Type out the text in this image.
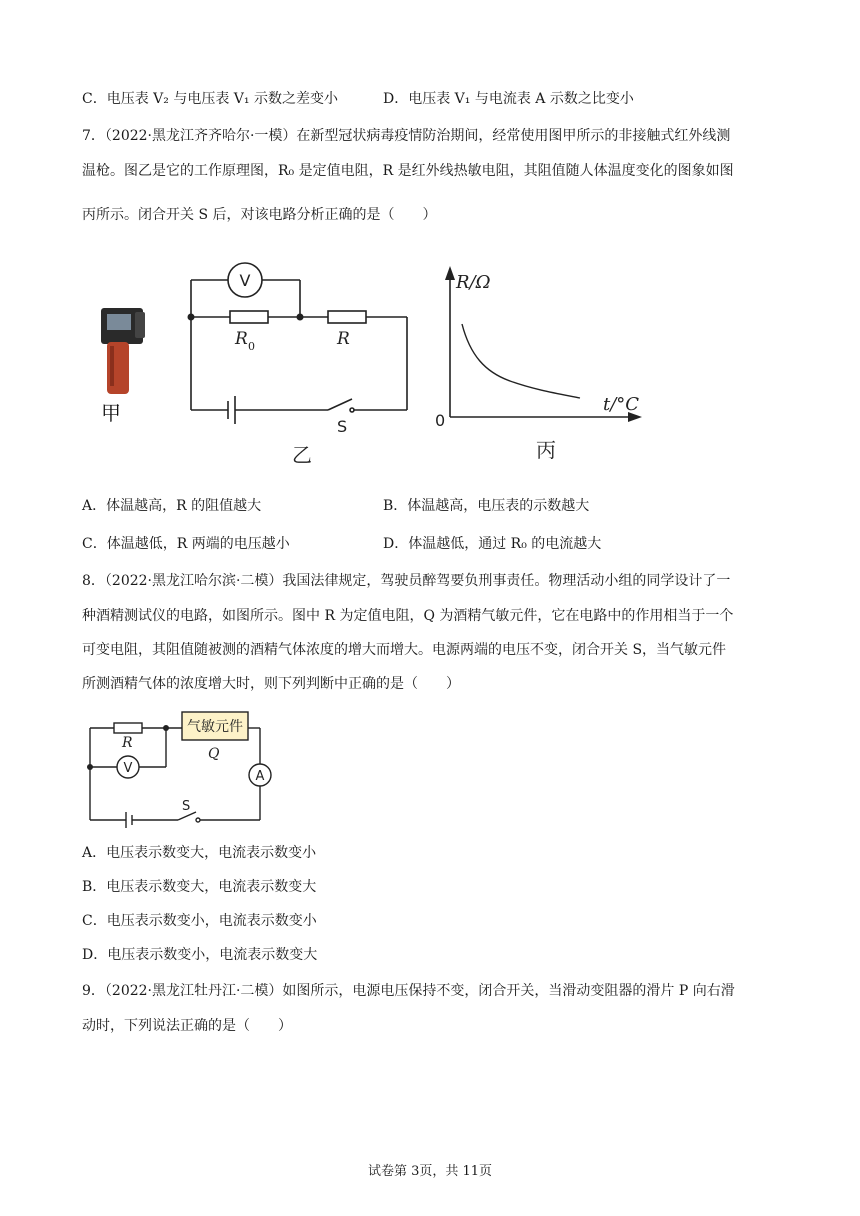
C．电压表 V₂ 与电压表 V₁ 示数之差变小	D．电压表 V₁ 与电流表 A 示数之比变小
7．（2022·黑龙江齐齐哈尔·一模）在新型冠状病毒疫情防治期间，经常使用图甲所示的非接触式红外线测
温枪。图乙是它的工作原理图，R₀ 是定值电阻，R 是红外线热敏电阻，其阻值随人体温度变化的图象如图
丙所示。闭合开关 S 后，对该电路分析正确的是（　　）
甲
V
R 0	R
S
乙
R/Ω
t/°C
0
丙
A．体温越高，R 的阻值越大	B．体温越高，电压表的示数越大
C．体温越低，R 两端的电压越小	D．体温越低，通过 R₀ 的电流越大
8．（2022·黑龙江哈尔滨·二模）我国法律规定，驾驶员醉驾要负刑事责任。物理活动小组的同学设计了一
种酒精测试仪的电路，如图所示。图中 R 为定值电阻，Q 为酒精气敏元件，它在电路中的作用相当于一个
可变电阻，其阻值随被测的酒精气体浓度的增大而增大。电源两端的电压不变，闭合开关 S，当气敏元件
所测酒精气体的浓度增大时，则下列判断中正确的是（　　）
R
气敏元件
Q
V
A
S
A．电压表示数变大，电流表示数变小
B．电压表示数变大，电流表示数变大
C．电压表示数变小，电流表示数变小
D．电压表示数变小，电流表示数变大
9．（2022·黑龙江牡丹江·二模）如图所示，电源电压保持不变，闭合开关，当滑动变阻器的滑片 P 向右滑
动时，下列说法正确的是（　　）
试卷第 3页，共 11页
